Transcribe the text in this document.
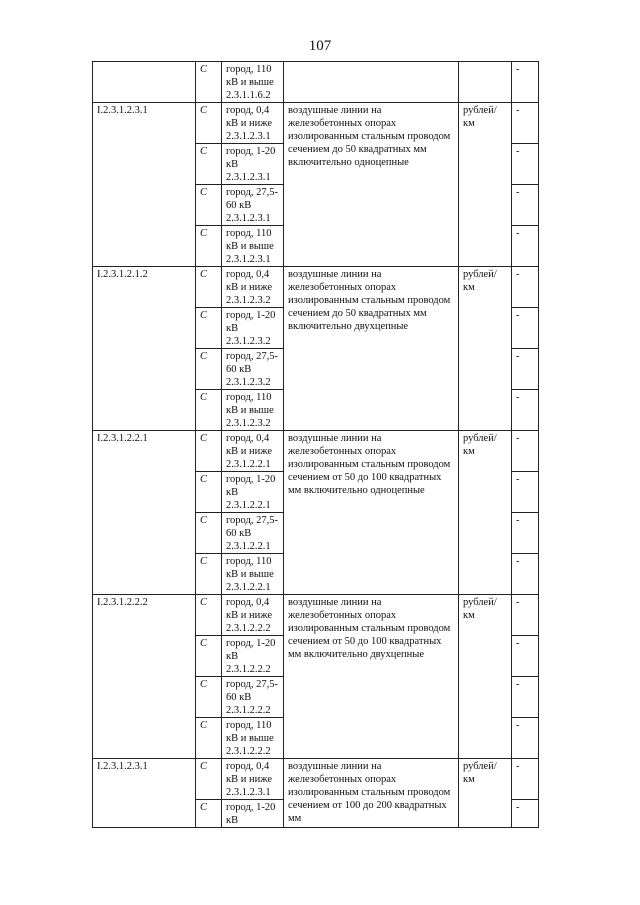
107
	С	город, 110 кВ и выше 2.3.1.1.6.2			-
I.2.3.1.2.3.1	С	город, 0,4 кВ и ниже 2.3.1.2.3.1	воздушные линии на железобетонных опорах изолированным стальным проводом сечением до 50 квадратных мм включительно одноцепные	рублей/км	-
	С	город, 1-20 кВ 2.3.1.2.3.1			-
	С	город, 27,5-60 кВ 2.3.1.2.3.1			-
	С	город, 110 кВ и выше 2.3.1.2.3.1			-
I.2.3.1.2.1.2	С	город, 0,4 кВ и ниже 2.3.1.2.3.2	воздушные линии на железобетонных опорах изолированным стальным проводом сечением до 50 квадратных мм включительно двухцепные	рублей/км	-
	С	город, 1-20 кВ 2.3.1.2.3.2			-
	С	город, 27,5-60 кВ 2.3.1.2.3.2			-
	С	город, 110 кВ и выше 2.3.1.2.3.2			-
I.2.3.1.2.2.1	С	город, 0,4 кВ и ниже 2.3.1.2.2.1	воздушные линии на железобетонных опорах изолированным стальным проводом сечением от 50 до 100 квадратных мм включительно одноцепные	рублей/км	-
	С	город, 1-20 кВ 2.3.1.2.2.1			-
	С	город, 27,5-60 кВ 2.3.1.2.2.1			-
	С	город, 110 кВ и выше 2.3.1.2.2.1			-
I.2.3.1.2.2.2	С	город, 0,4 кВ и ниже 2.3.1.2.2.2	воздушные линии на железобетонных опорах изолированным стальным проводом сечением от 50 до 100 квадратных мм включительно двухцепные	рублей/км	-
	С	город, 1-20 кВ 2.3.1.2.2.2			-
	С	город, 27,5-60 кВ 2.3.1.2.2.2			-
	С	город, 110 кВ и выше 2.3.1.2.2.2			-
I.2.3.1.2.3.1	С	город, 0,4 кВ и ниже 2.3.1.2.3.1	воздушные линии на железобетонных опорах изолированным стальным проводом сечением от 100 до 200 квадратных мм	рублей/км	-
	С	город, 1-20 кВ			-
